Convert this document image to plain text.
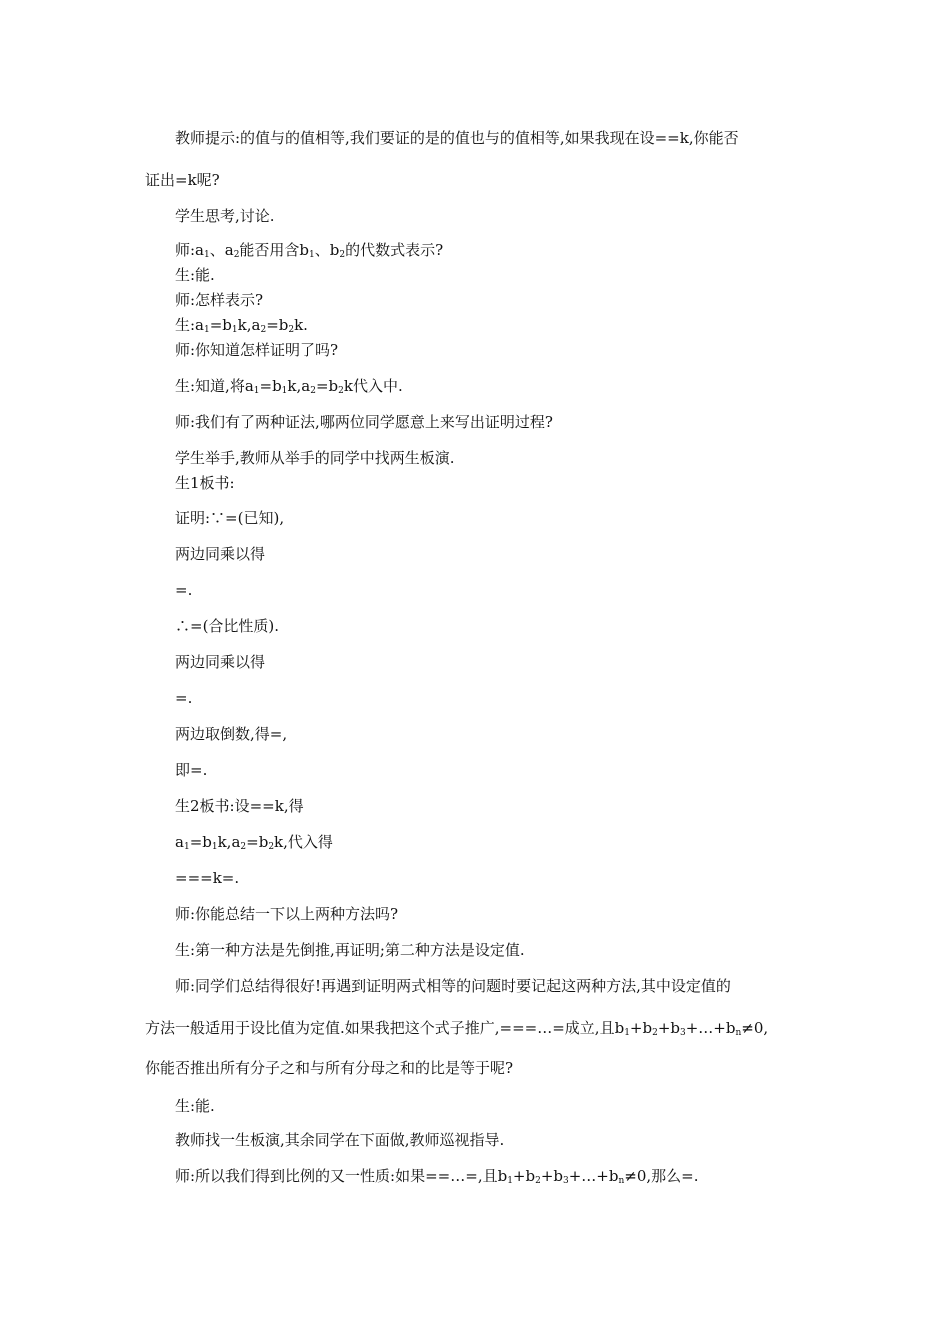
教师提示:的值与的值相等,我们要证的是的值也与的值相等,如果我现在设==k,你能否
证出=k呢?
学生思考,讨论.
师$:a_1$、$a_2$能否用含$b_1$、$b_2$的代数式表示?
生:能.
师:怎样表示?
生$:a_1=b_1k,a_2=b_2k$.
师:你知道怎样证明了吗?
生:知道,将$a_1=b_1k,a_2=b_2k$代入中.
师:我们有了两种证法,哪两位同学愿意上来写出证明过程?
学生举手,教师从举手的同学中找两生板演.
生1板书:
证明:∵=(已知),
两边同乘以得
=.
∴=(合比性质).
两边同乘以得
=.
两边取倒数,得=,
即=.
生2板书:设==k,得
$a_1=b_1k,a_2=b_2k$,代入得
===k=.
师:你能总结一下以上两种方法吗?
生:第一种方法是先倒推,再证明;第二种方法是设定值.
师:同学们总结得很好!再遇到证明两式相等的问题时要记起这两种方法,其中设定值的
方法一般适用于设比值为定值.如果我把这个式子推广,===…=成立,且$b_1+b_2+b_3+\dots+b_n\ne 0$,
你能否推出所有分子之和与所有分母之和的比是等于呢?
生:能.
教师找一生板演,其余同学在下面做,教师巡视指导.
师:所以我们得到比例的又一性质:如果==…=,且$b_1+b_2+b_3+\dots+b_n\ne 0$,那么=.
